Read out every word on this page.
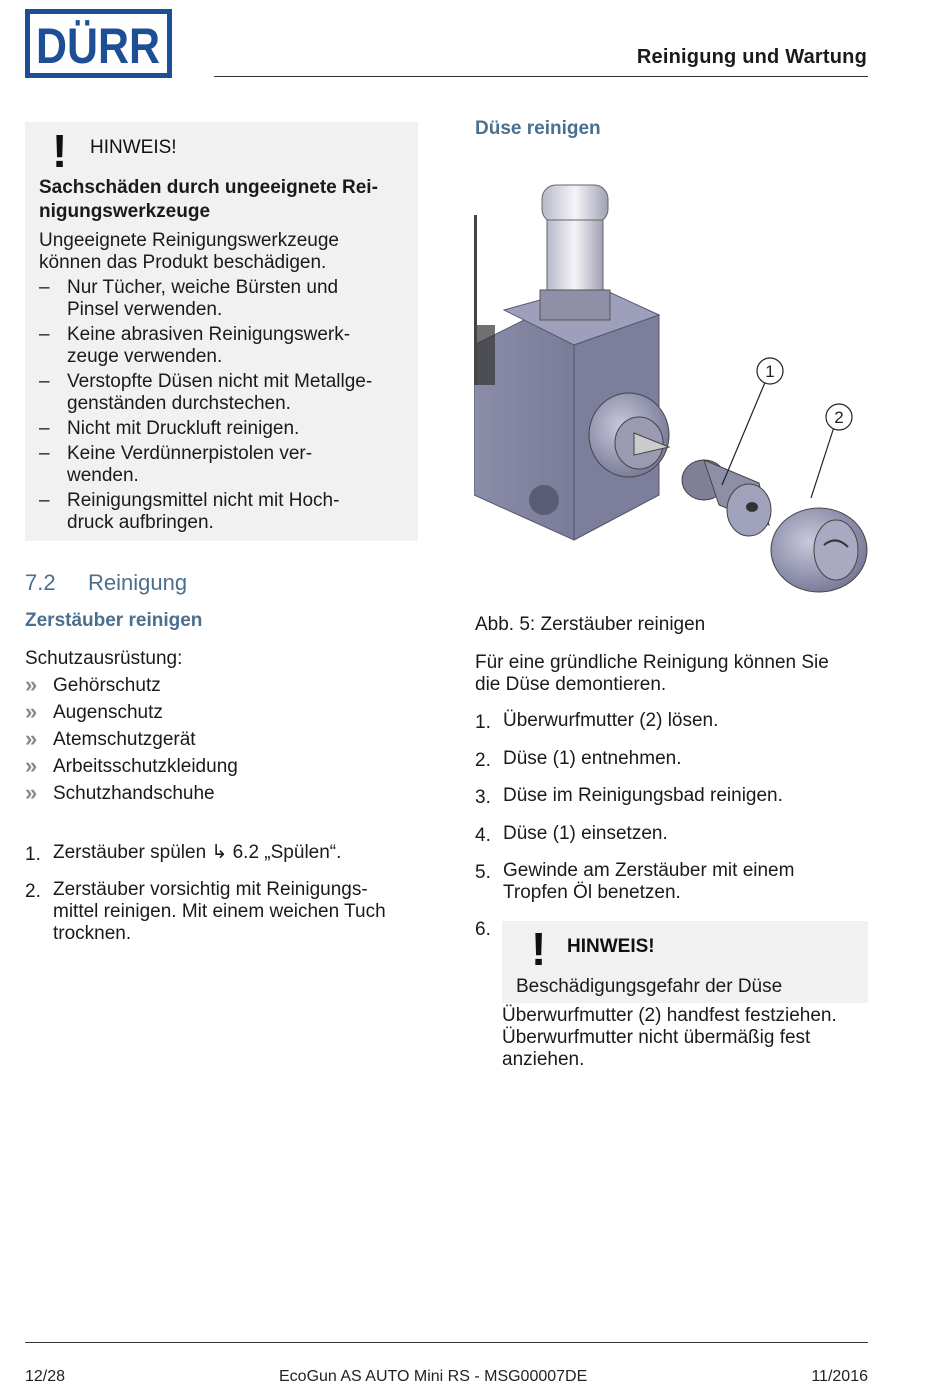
DÜRR	Reinigung und Wartung
! HINWEIS!
Sachschäden durch ungeeignete Rei-
nigungswerkzeuge
Ungeeignete Reinigungswerkzeuge
können das Produkt beschädigen.
– Nur Tücher, weiche Bürsten und
Pinsel verwenden.
– Keine abrasiven Reinigungswerk-
zeuge verwenden.
– Verstopfte Düsen nicht mit Metallge-
genständen durchstechen.
– Nicht mit Druckluft reinigen.
– Keine Verdünnerpistolen ver-
wenden.
– Reinigungsmittel nicht mit Hoch-
druck aufbringen.
7.2 Reinigung
Zerstäuber reinigen
Schutzausrüstung:
» Gehörschutz
» Augenschutz
» Atemschutzgerät
» Arbeitsschutzkleidung
» Schutzhandschuhe
1. Zerstäuber spülen ↳ 6.2 „Spülen“.
2. Zerstäuber vorsichtig mit Reinigungs-
mittel reinigen. Mit einem weichen Tuch
trocknen.
Düse reinigen
1
2
Abb. 5: Zerstäuber reinigen
Für eine gründliche Reinigung können Sie
die Düse demontieren.
1. Überwurfmutter (2) lösen.
2. Düse (1) entnehmen.
3. Düse im Reinigungsbad reinigen.
4. Düse (1) einsetzen.
5. Gewinde am Zerstäuber mit einem
Tropfen Öl benetzen.
6. ! HINWEIS!
Beschädigungsgefahr der Düse
Überwurfmutter (2) handfest festziehen.
Überwurfmutter nicht übermäßig fest
anziehen.
12/28	EcoGun AS AUTO Mini RS - MSG00007DE	11/2016
